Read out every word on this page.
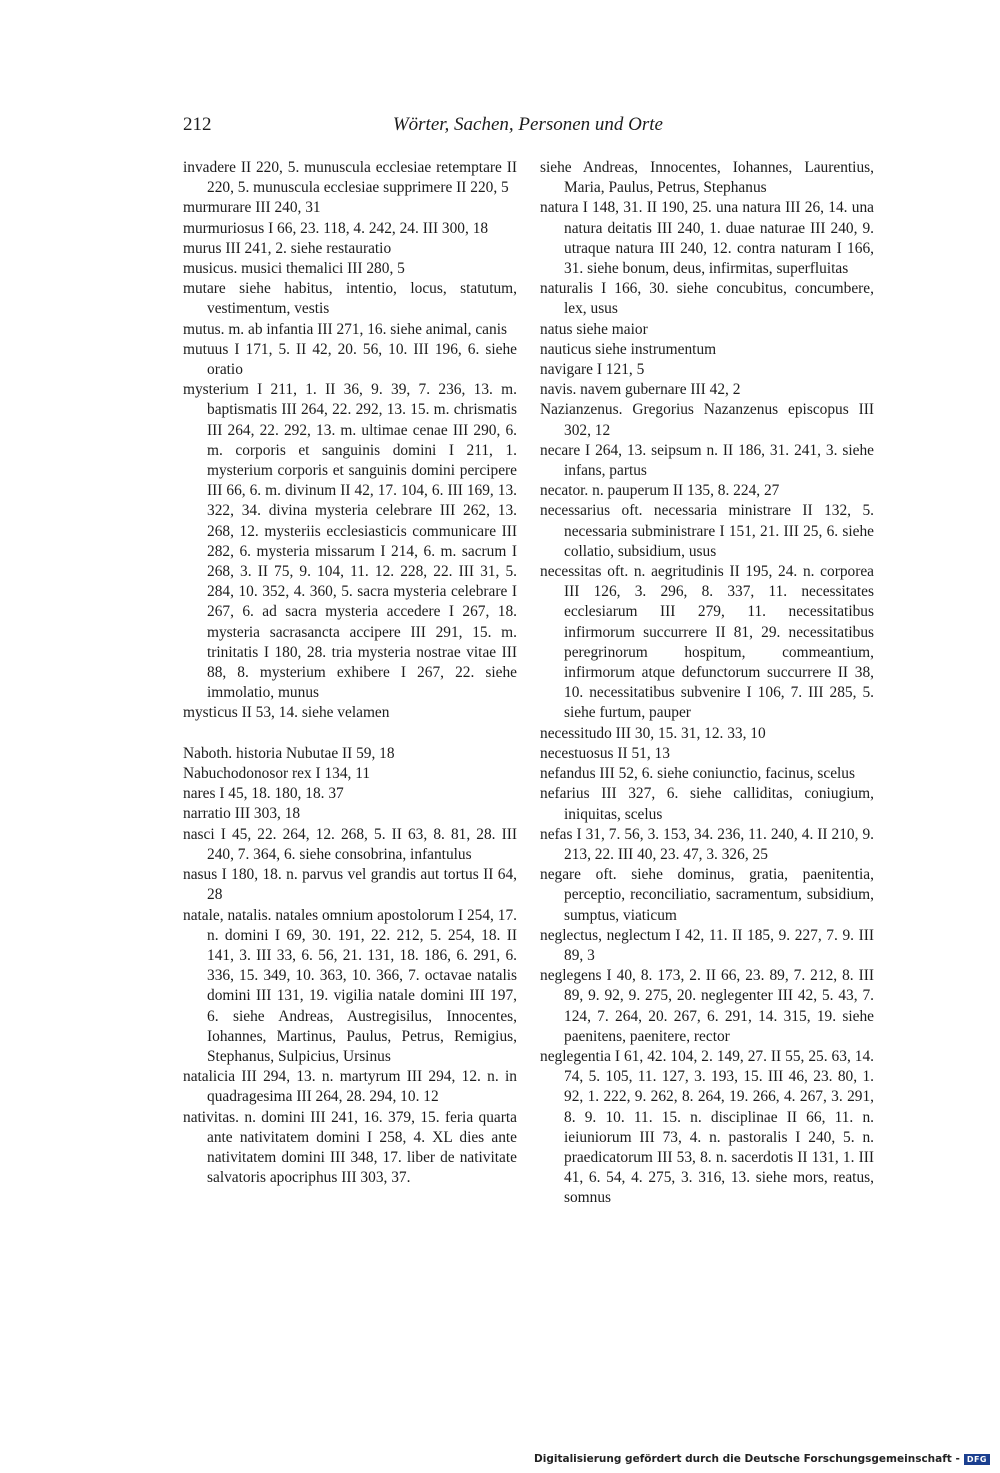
212	Wörter, Sachen, Personen und Orte

invadere II 220, 5. munuscula ecclesiae retemptare II 220, 5. munuscula ecclesiae supprimere II 220, 5

murmurare III 240, 31

murmuriosus I 66, 23. 118, 4. 242, 24. III 300, 18

murus III 241, 2. siehe restauratio

musicus. musici themalici III 280, 5

mutare siehe habitus, intentio, locus, statutum, vestimentum, vestis

mutus. m. ab infantia III 271, 16. siehe animal, canis

mutuus I 171, 5. II 42, 20. 56, 10. III 196, 6. siehe oratio

mysterium I 211, 1. II 36, 9. 39, 7. 236, 13. m. baptismatis III 264, 22. 292, 13. 15. m. chrismatis III 264, 22. 292, 13. m. ultimae cenae III 290, 6. m. corporis et sanguinis domini I 211, 1. mysterium corporis et sanguinis domini percipere III 66, 6. m. divinum II 42, 17. 104, 6. III 169, 13. 322, 34. divina mysteria celebrare III 262, 13. 268, 12. mysteriis ecclesiasticis communicare III 282, 6. mysteria missarum I 214, 6. m. sacrum I 268, 3. II 75, 9. 104, 11. 12. 228, 22. III 31, 5. 284, 10. 352, 4. 360, 5. sacra mysteria celebrare I 267, 6. ad sacra mysteria accedere I 267, 18. mysteria sacrasancta accipere III 291, 15. m. trinitatis I 180, 28. tria mysteria nostrae vitae III 88, 8. mysterium exhibere I 267, 22. siehe immolatio, munus

mysticus II 53, 14. siehe velamen

Naboth. historia Nubutae II 59, 18

Nabuchodonosor rex I 134, 11

nares I 45, 18. 180, 18. 37

narratio III 303, 18

nasci I 45, 22. 264, 12. 268, 5. II 63, 8. 81, 28. III 240, 7. 364, 6. siehe consobrina, infantulus

nasus I 180, 18. n. parvus vel grandis aut tortus II 64, 28

natale, natalis. natales omnium apostolorum I 254, 17. n. domini I 69, 30. 191, 22. 212, 5. 254, 18. II 141, 3. III 33, 6. 56, 21. 131, 18. 186, 6. 291, 6. 336, 15. 349, 10. 363, 10. 366, 7. octavae natalis domini III 131, 19. vigilia natale domini III 197, 6. siehe Andreas, Austregisilus, Innocentes, Iohannes, Martinus, Paulus, Petrus, Remigius, Stephanus, Sulpicius, Ursinus

natalicia III 294, 13. n. martyrum III 294, 12. n. in quadragesima III 264, 28. 294, 10. 12

nativitas. n. domini III 241, 16. 379, 15. feria quarta ante nativitatem domini I 258, 4. XL dies ante nativitatem domini III 348, 17. liber de nativitate salvatoris apocriphus III 303, 37.

siehe Andreas, Innocentes, Iohannes, Laurentius, Maria, Paulus, Petrus, Stephanus

natura I 148, 31. II 190, 25. una natura III 26, 14. una natura deitatis III 240, 1. duae naturae III 240, 9. utraque natura III 240, 12. contra naturam I 166, 31. siehe bonum, deus, infirmitas, superfluitas

naturalis I 166, 30. siehe concubitus, concumbere, lex, usus

natus siehe maior

nauticus siehe instrumentum

navigare I 121, 5

navis. navem gubernare III 42, 2

Nazianzenus. Gregorius Nazanzenus episcopus III 302, 12

necare I 264, 13. seipsum n. II 186, 31. 241, 3. siehe infans, partus

necator. n. pauperum II 135, 8. 224, 27

necessarius oft. necessaria ministrare II 132, 5. necessaria subministrare I 151, 21. III 25, 6. siehe collatio, subsidium, usus

necessitas oft. n. aegritudinis II 195, 24. n. corporea III 126, 3. 296, 8. 337, 11. necessitates ecclesiarum III 279, 11. necessitatibus infirmorum succurrere II 81, 29. necessitatibus peregrinorum hospitum, commeantium, infirmorum atque defunctorum succurrere II 38, 10. necessitatibus subvenire I 106, 7. III 285, 5. siehe furtum, pauper

necessitudo III 30, 15. 31, 12. 33, 10

necestuosus II 51, 13

nefandus III 52, 6. siehe coniunctio, facinus, scelus

nefarius III 327, 6. siehe calliditas, coniugium, iniquitas, scelus

nefas I 31, 7. 56, 3. 153, 34. 236, 11. 240, 4. II 210, 9. 213, 22. III 40, 23. 47, 3. 326, 25

negare oft. siehe dominus, gratia, paenitentia, perceptio, reconciliatio, sacramentum, subsidium, sumptus, viaticum

neglectus, neglectum I 42, 11. II 185, 9. 227, 7. 9. III 89, 3

neglegens I 40, 8. 173, 2. II 66, 23. 89, 7. 212, 8. III 89, 9. 92, 9. 275, 20. neglegenter III 42, 5. 43, 7. 124, 7. 264, 20. 267, 6. 291, 14. 315, 19. siehe paenitens, paenitere, rector

neglegentia I 61, 42. 104, 2. 149, 27. II 55, 25. 63, 14. 74, 5. 105, 11. 127, 3. 193, 15. III 46, 23. 80, 1. 92, 1. 222, 9. 262, 8. 264, 19. 266, 4. 267, 3. 291, 8. 9. 10. 11. 15. n. disciplinae II 66, 11. n. ieiuniorum III 73, 4. n. pastoralis I 240, 5. n. praedicatorum III 53, 8. n. sacerdotis II 131, 1. III 41, 6. 54, 4. 275, 3. 316, 13. siehe mors, reatus, somnus

Digitalisierung gefördert durch die Deutsche Forschungsgemeinschaft - DFG
